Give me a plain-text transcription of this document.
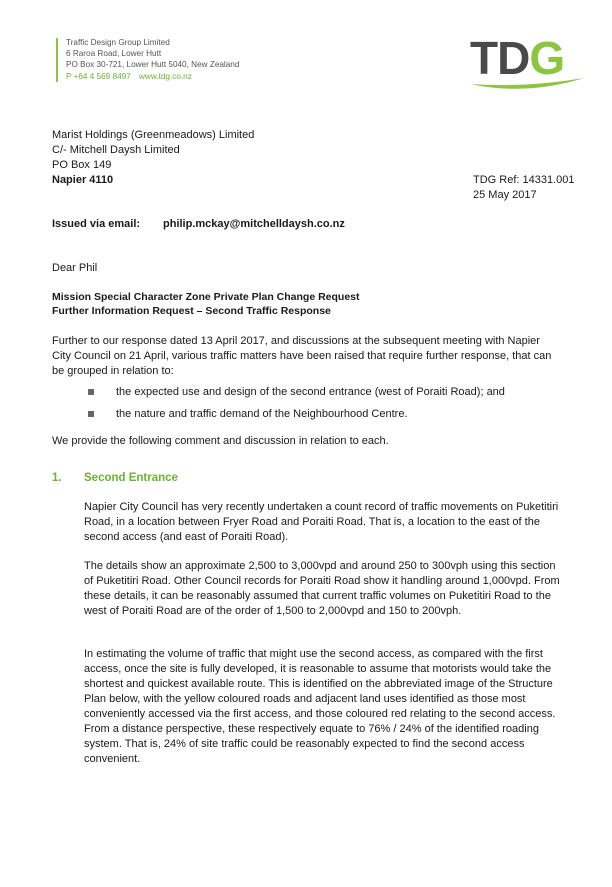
Traffic Design Group Limited
6 Raroa Road, Lower Hutt
PO Box 30-721, Lower Hutt 5040, New Zealand
P +64 4 569 8497 www.tdg.co.nz	TDG
Marist Holdings (Greenmeadows) Limited
C/- Mitchell Daysh Limited
PO Box 149
Napier 4110	TDG Ref: 14331.001
25 May 2017
Issued via email: philip.mckay@mitchelldaysh.co.nz
Dear Phil
Mission Special Character Zone Private Plan Change Request
Further Information Request – Second Traffic Response

Further to our response dated 13 April 2017, and discussions at the subsequent meeting with Napier City Council on 21 April, various traffic matters have been raised that require further response, that can be grouped in relation to:

the expected use and design of the second entrance (west of Poraiti Road); and
the nature and traffic demand of the Neighbourhood Centre.

We provide the following comment and discussion in relation to each.

1. Second Entrance

Napier City Council has very recently undertaken a count record of traffic movements on Puketitiri Road, in a location between Fryer Road and Poraiti Road. That is, a location to the east of the second access (and east of Poraiti Road).

The details show an approximate 2,500 to 3,000vpd and around 250 to 300vph using this section of Puketitiri Road. Other Council records for Poraiti Road show it handling around 1,000vpd. From these details, it can be reasonably assumed that current traffic volumes on Puketitiri Road to the west of Poraiti Road are of the order of 1,500 to 2,000vpd and 150 to 200vph.

In estimating the volume of traffic that might use the second access, as compared with the first access, once the site is fully developed, it is reasonable to assume that motorists would take the shortest and quickest available route. This is identified on the abbreviated image of the Structure Plan below, with the yellow coloured roads and adjacent land uses identified as those most conveniently accessed via the first access, and those coloured red relating to the second access. From a distance perspective, these respectively equate to 76% / 24% of the identified roading system. That is, 24% of site traffic could be reasonably expected to find the second access convenient.
